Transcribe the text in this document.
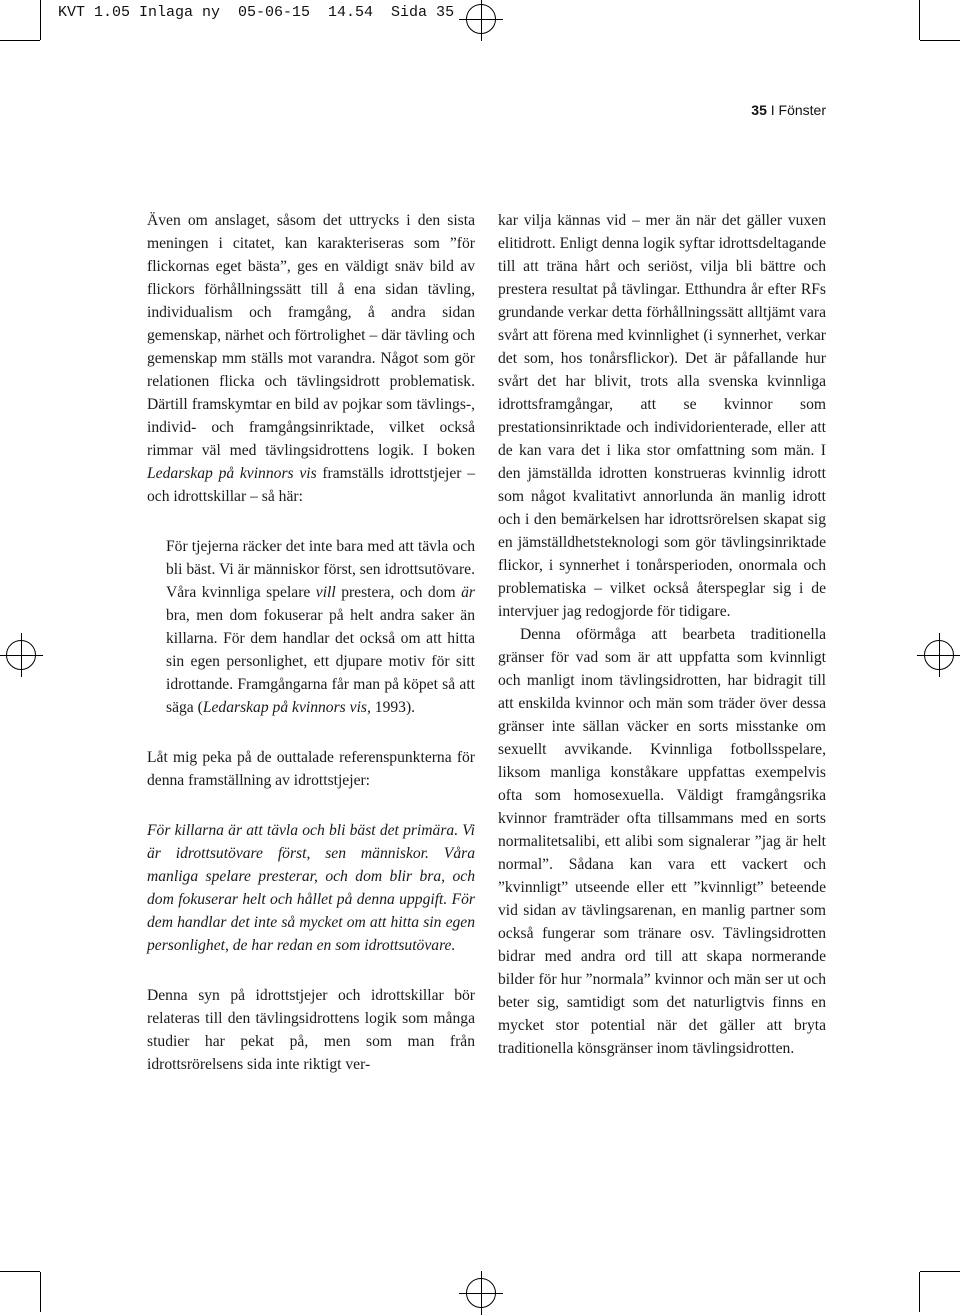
KVT 1.05 Inlaga ny  05-06-15  14.54  Sida 35
35 I Fönster

Även om anslaget, såsom det uttrycks i den sista meningen i citatet, kan karakteriseras som ”för flickornas eget bästa”, ges en väldigt snäv bild av flickors förhållningssätt till å ena sidan tävling, individualism och framgång, å andra sidan gemenskap, närhet och förtrolighet – där tävling och gemenskap mm ställs mot varandra. Något som gör relationen flicka och tävlingsidrott problematisk. Därtill framskymtar en bild av pojkar som tävlings-, individ- och framgångsinriktade, vilket också rimmar väl med tävlingsidrottens logik. I boken Ledarskap på kvinnors vis framställs idrottstjejer – och idrottskillar – så här:

För tjejerna räcker det inte bara med att tävla och bli bäst. Vi är människor först, sen idrottsutövare. Våra kvinnliga spelare vill prestera, och dom är bra, men dom fokuserar på helt andra saker än killarna. För dem handlar det också om att hitta sin egen personlighet, ett djupare motiv för sitt idrottande. Framgångarna får man på köpet så att säga (Ledarskap på kvinnors vis, 1993).

Låt mig peka på de outtalade referenspunkterna för denna framställning av idrottstjejer:

För killarna är att tävla och bli bäst det primära. Vi är idrottsutövare först, sen människor. Våra manliga spelare presterar, och dom blir bra, och dom fokuserar helt och hållet på denna uppgift. För dem handlar det inte så mycket om att hitta sin egen personlighet, de har redan en som idrottsutövare.

Denna syn på idrottstjejer och idrottskillar bör relateras till den tävlingsidrottens logik som många studier har pekat på, men som man från idrottsrörelsens sida inte riktigt ver-

kar vilja kännas vid – mer än när det gäller vuxen elitidrott. Enligt denna logik syftar idrottsdeltagande till att träna hårt och seriöst, vilja bli bättre och prestera resultat på tävlingar. Etthundra år efter RFs grundande verkar detta förhållningssätt alltjämt vara svårt att förena med kvinnlighet (i synnerhet, verkar det som, hos tonårsflickor). Det är påfallande hur svårt det har blivit, trots alla svenska kvinnliga idrottsframgångar, att se kvinnor som prestationsinriktade och individorienterade, eller att de kan vara det i lika stor omfattning som män. I den jämställda idrotten konstrueras kvinnlig idrott som något kvalitativt annorlunda än manlig idrott och i den bemärkelsen har idrottsrörelsen skapat sig en jämställdhetsteknologi som gör tävlingsinriktade flickor, i synnerhet i tonårsperioden, onormala och problematiska – vilket också återspeglar sig i de intervjuer jag redogjorde för tidigare.

Denna oförmåga att bearbeta traditionella gränser för vad som är att uppfatta som kvinnligt och manligt inom tävlingsidrotten, har bidragit till att enskilda kvinnor och män som träder över dessa gränser inte sällan väcker en sorts misstanke om sexuellt avvikande. Kvinnliga fotbollsspelare, liksom manliga konståkare uppfattas exempelvis ofta som homosexuella. Väldigt framgångsrika kvinnor framträder ofta tillsammans med en sorts normalitetsalibi, ett alibi som signalerar ”jag är helt normal”. Sådana kan vara ett vackert och ”kvinnligt” utseende eller ett ”kvinnligt” beteende vid sidan av tävlingsarenan, en manlig partner som också fungerar som tränare osv. Tävlingsidrotten bidrar med andra ord till att skapa normerande bilder för hur ”normala” kvinnor och män ser ut och beter sig, samtidigt som det naturligtvis finns en mycket stor potential när det gäller att bryta traditionella könsgränser inom tävlingsidrotten.
